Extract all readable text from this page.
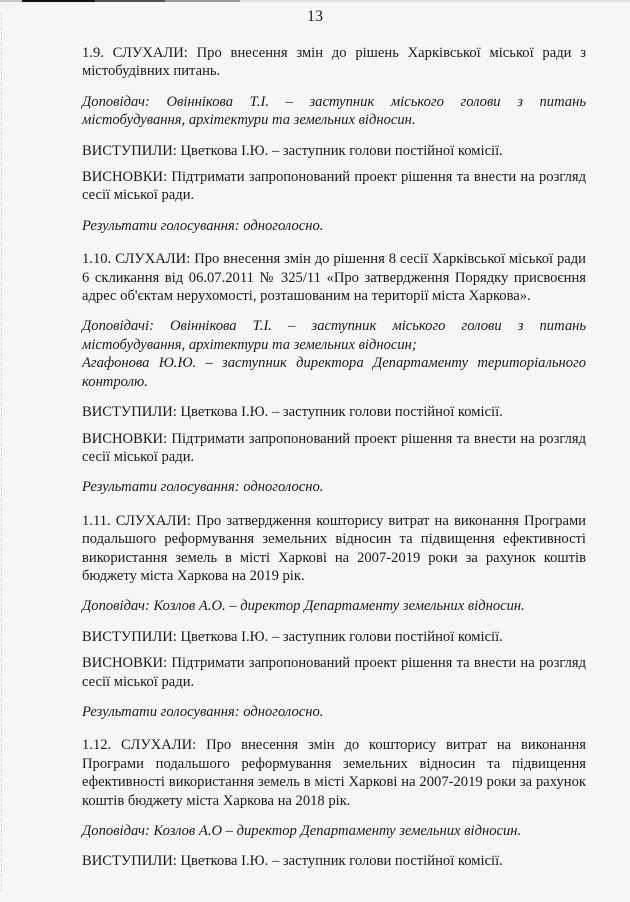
13

1.9. СЛУХАЛИ: Про внесення змін до рішень Харківської міської ради з містобудівних питань.

Доповідач: Овіннікова Т.І. – заступник міського голови з питань містобудування, архітектури та земельних відносин.

ВИСТУПИЛИ: Цветкова І.Ю. – заступник голови постійної комісії.

ВИСНОВКИ: Підтримати запропонований проект рішення та внести на розгляд сесії міської ради.

Результати голосування: одноголосно.

1.10. СЛУХАЛИ: Про внесення змін до рішення 8 сесії Харківської міської ради 6 скликання від 06.07.2011 № 325/11 «Про затвердження Порядку присвоєння адрес об'єктам нерухомості, розташованим на території міста Харкова».

Доповідачі: Овіннікова Т.І. – заступник міського голови з питань містобудування, архітектури та земельних відносин;

Агафонова Ю.Ю. – заступник директора Департаменту територіального контролю.

ВИСТУПИЛИ: Цветкова І.Ю. – заступник голови постійної комісії.

ВИСНОВКИ: Підтримати запропонований проект рішення та внести на розгляд сесії міської ради.

Результати голосування: одноголосно.

1.11. СЛУХАЛИ: Про затвердження кошторису витрат на виконання Програми подальшого реформування земельних відносин та підвищення ефективності використання земель в місті Харкові на 2007-2019 роки за рахунок коштів бюджету міста Харкова на 2019 рік.

Доповідач: Козлов А.О. – директор Департаменту земельних відносин.

ВИСТУПИЛИ: Цветкова І.Ю. – заступник голови постійної комісії.

ВИСНОВКИ: Підтримати запропонований проект рішення та внести на розгляд сесії міської ради.

Результати голосування: одноголосно.

1.12. СЛУХАЛИ: Про внесення змін до кошторису витрат на виконання Програми подальшого реформування земельних відносин та підвищення ефективності використання земель в місті Харкові на 2007-2019 роки за рахунок коштів бюджету міста Харкова на 2018 рік.

Доповідач: Козлов А.О – директор Департаменту земельних відносин.

ВИСТУПИЛИ: Цветкова І.Ю. – заступник голови постійної комісії.
